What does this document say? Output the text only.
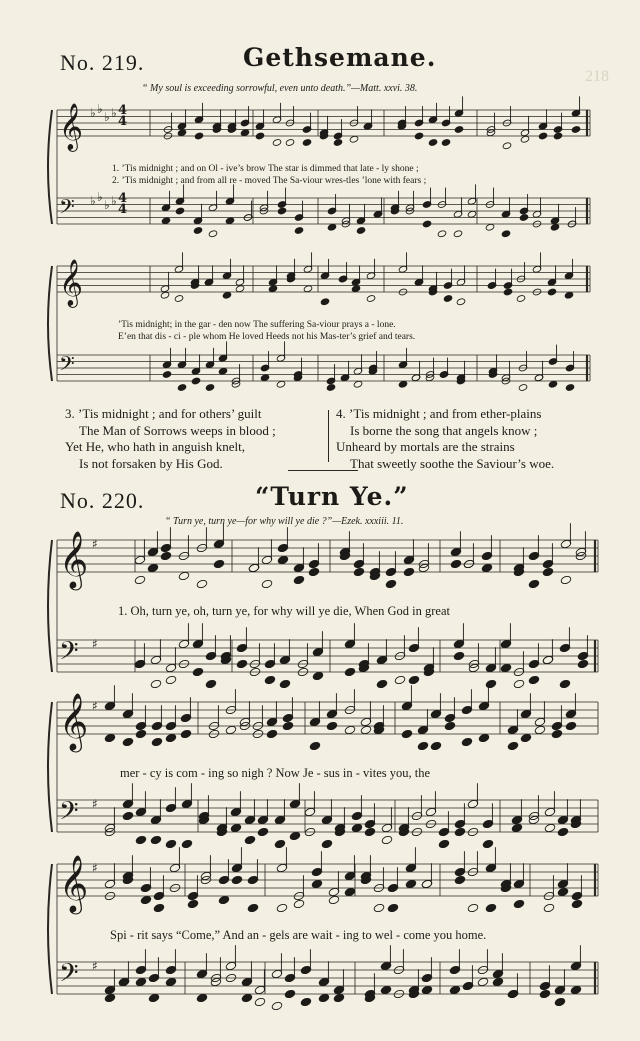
𝄞
𝄢
𝄞
𝄢
𝄞
𝄢
𝄞
𝄢
𝄞
𝄢
4
4
4
4
♭
♭
♭
♭
♭
♭
♭
♭
♯
♯
♯
♯
♯
♯
No. 219.	Gethsemane.
“ My soul is exceeding sorrowful, even unto death.”—Matt. xxvi. 38.
1. ’Tis midnight ; and on Ol - ive’s brow The star is dimmed that late - ly shone ;
2. ’Tis midnight ; and from all re - moved The Sa-viour wres-tles ’lone with fears ;
’Tis midnight; in the gar - den now The suffering Sa-viour prays a - lone.
E’en that dis - ci - ple whom He loved Heeds not his Mas-ter’s grief and tears.
3. ’Tis midnight ; and for others’ guilt
The Man of Sorrows weeps in blood ;
Yet He, who hath in anguish knelt,
Is not forsaken by His God.
4. ’Tis midnight ; and from ether-plains
Is borne the song that angels know ;
Unheard by mortals are the strains
That sweetly soothe the Saviour’s woe.
No. 220.	“Turn Ye.”
“ Turn ye, turn ye—for why will ye die ?”—Ezek. xxxiii. 11.
1. Oh, turn ye, oh, turn ye, for why will ye die, When God in great
mer - cy is com - ing so nigh ? Now Je - sus in - vites you, the
Spi - rit says “Come,” And an - gels are wait - ing to wel - come you home.
218
